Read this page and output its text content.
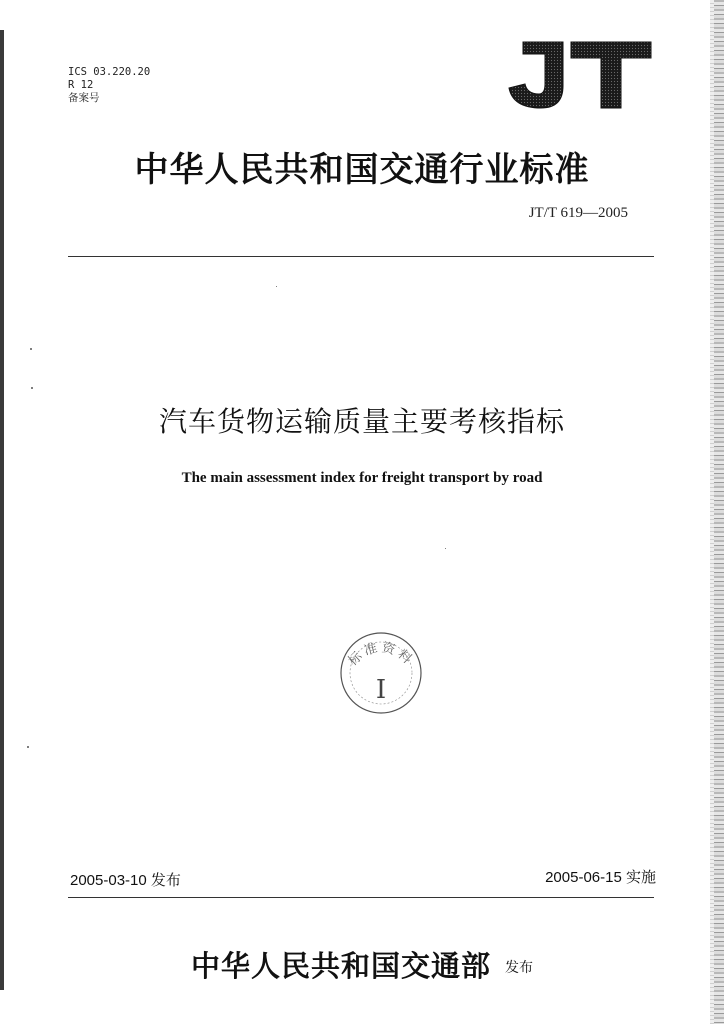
ICS 03.220.20
R 12
备案号
JT
中华人民共和国交通行业标准
JT/T 619—2005
汽车货物运输质量主要考核指标
The main assessment index for freight transport by road
标准资料
I
2005-03-10 发布	2005-06-15 实施
中华人民共和国交通部 发布
